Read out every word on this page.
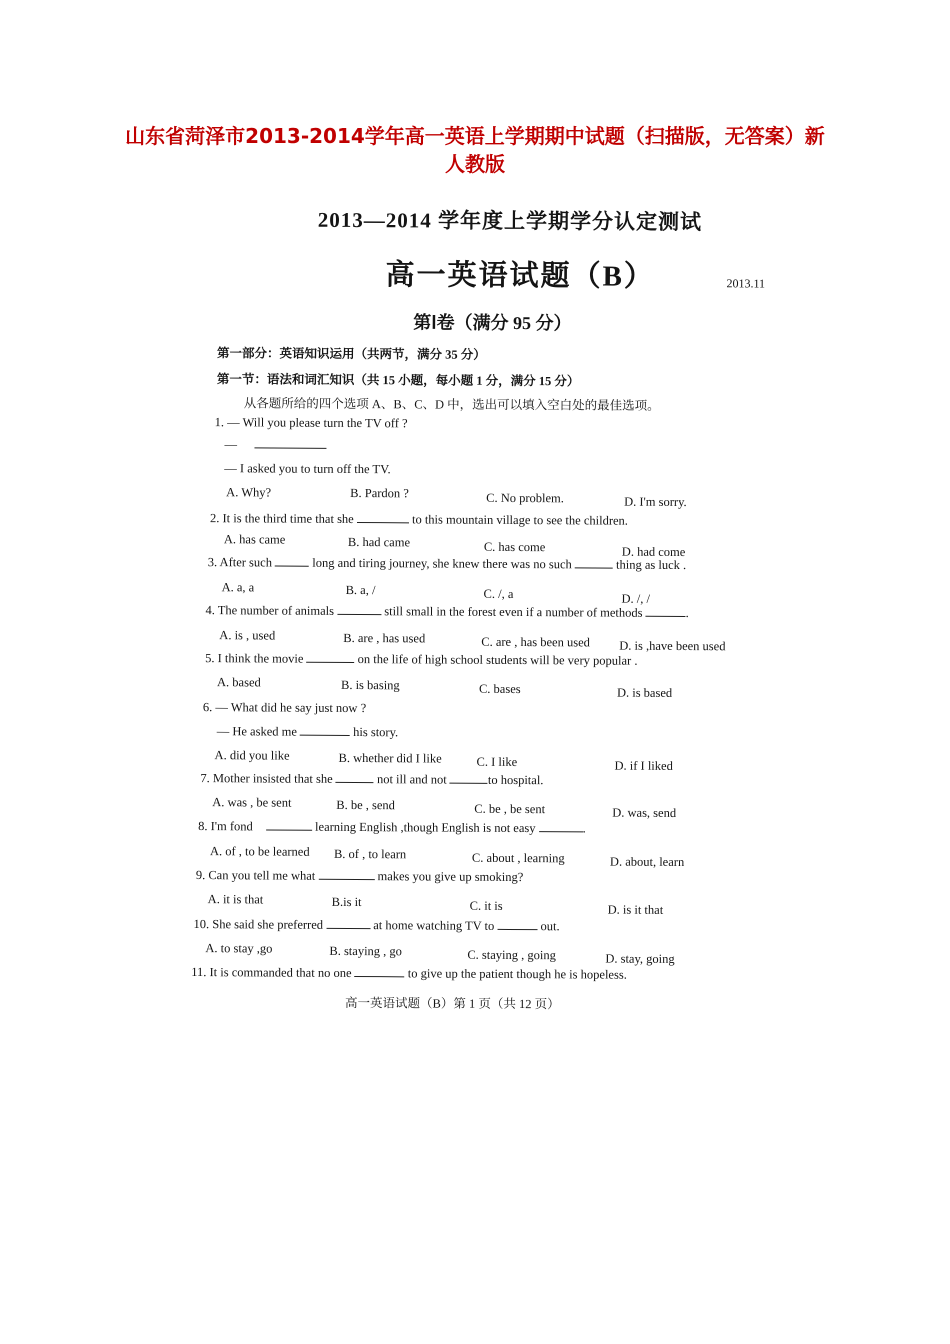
山东省菏泽市2013-2014学年高一英语上学期期中试题（扫描版，无答案）新人教版
2013—2014 学年度上学期学分认定测试
高一英语试题（B）	2013.11
第Ⅰ卷（满分 95 分）
第一部分：英语知识运用（共两节，满分 35 分）
第一节：语法和词汇知识（共 15 小题，每小题 1 分，满分 15 分）
从各题所给的四个选项 A、B、C、D 中，选出可以填入空白处的最佳选项。
1. — Will you please turn the TV off ?
—
— I asked you to turn off the TV.
A. Why?	B. Pardon ?	C. No problem.	D. I'm sorry.
2. It is the third time that she	to this mountain village to see the children.
A. has came	B. had came	C. has come	D. had come
3. After such	long and tiring journey, she knew there was no such	thing as luck .
A. a, a	B. a, /	C. /, a	D. /, /
4. The number of animals	still small in the forest even if a number of methods	.
A. is , used	B. are , has used	C. are , has been used D. is ,have been used
5. I think the movie	on the life of high school students will be very popular .
A. based	B. is basing	C. bases	D. is based
6. — What did he say just now ?
— He asked me	his story.
A. did you like	B. whether did I like	C. I like	D. if I liked
7. Mother insisted that she	not ill and not	to hospital.
A. was , be sent	B. be , send	C. be , be sent	D. was, send
8. I'm fond	learning English ,though English is not easy	.
A. of , to be learned B. of , to learn	C. about , learning	D. about, learn
9. Can you tell me what	makes you give up smoking?
A. it is that	B.is it	C. it is	D. is it that
10. She said she preferred	at home watching TV to	out.
A. to stay ,go	B. staying , go	C. staying , going	D. stay, going
11. It is commanded that no one	to give up the patient though he is hopeless.
高一英语试题（B）第 1 页（共 12 页）
